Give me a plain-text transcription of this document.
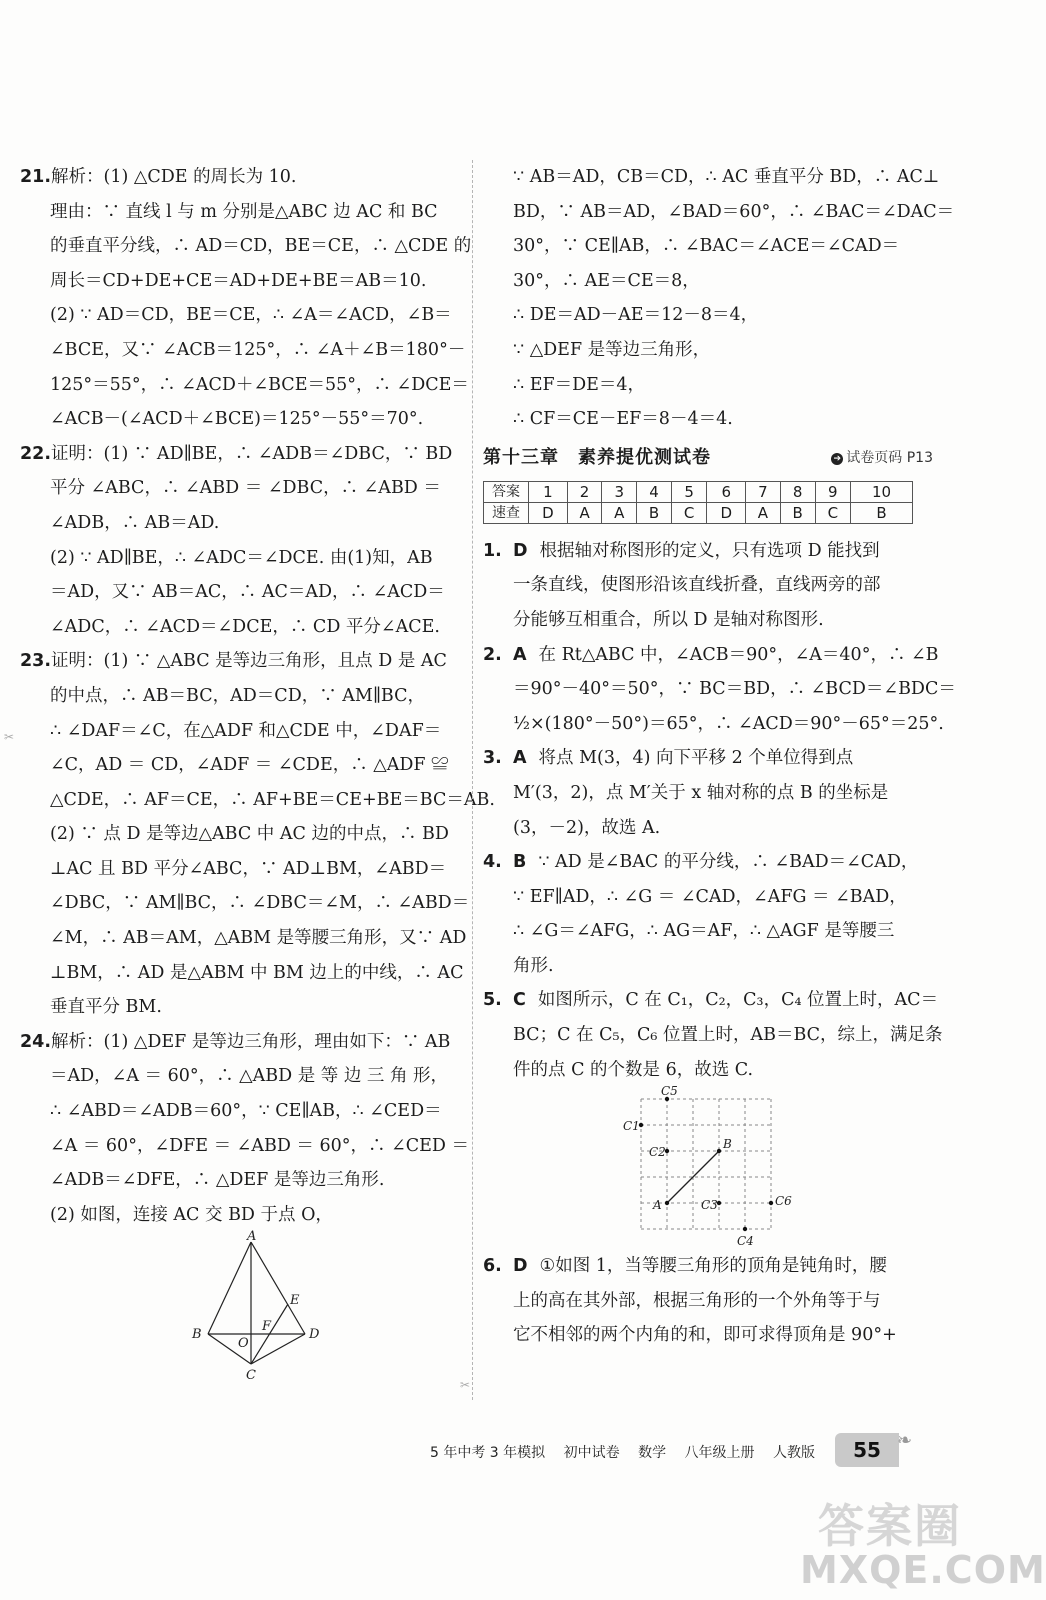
21.解析：(1) △CDE 的周长为 10.
理由：∵ 直线 l 与 m 分别是△ABC 边 AC 和 BC
的垂直平分线，∴ AD＝CD，BE＝CE，∴ △CDE 的
周长＝CD+DE+CE＝AD+DE+BE＝AB＝10.
(2) ∵ AD＝CD，BE＝CE，∴ ∠A＝∠ACD，∠B＝
∠BCE，又∵ ∠ACB＝125°，∴ ∠A＋∠B＝180°－
125°＝55°，∴ ∠ACD＋∠BCE＝55°，∴ ∠DCE＝
∠ACB－(∠ACD＋∠BCE)＝125°－55°＝70°.
22.证明：(1) ∵ AD∥BE，∴ ∠ADB＝∠DBC，∵ BD
平分 ∠ABC，∴ ∠ABD ＝ ∠DBC，∴ ∠ABD ＝
∠ADB，∴ AB＝AD.
(2) ∵ AD∥BE，∴ ∠ADC＝∠DCE. 由(1)知，AB
＝AD，又∵ AB＝AC，∴ AC＝AD，∴ ∠ACD＝
∠ADC，∴ ∠ACD＝∠DCE，∴ CD 平分∠ACE.
23.证明：(1) ∵ △ABC 是等边三角形，且点 D 是 AC
的中点，∴ AB＝BC，AD＝CD，∵ AM∥BC，
∴ ∠DAF＝∠C，在△ADF 和△CDE 中，∠DAF＝
∠C，AD ＝ CD，∠ADF ＝ ∠CDE，∴ △ADF ≌
△CDE，∴ AF＝CE，∴ AF+BE＝CE+BE＝BC＝AB.
(2) ∵ 点 D 是等边△ABC 中 AC 边的中点，∴ BD
⊥AC 且 BD 平分∠ABC，∵ AD⊥BM，∠ABD＝
∠DBC，∵ AM∥BC，∴ ∠DBC＝∠M，∴ ∠ABD＝
∠M，∴ AB＝AM，△ABM 是等腰三角形，又∵ AD
⊥BM，∴ AD 是△ABM 中 BM 边上的中线，∴ AC
垂直平分 BM.
24.解析：(1) △DEF 是等边三角形，理由如下：∵ AB
＝AD，∠A ＝ 60°，∴ △ABD 是 等 边 三 角 形，
∴ ∠ABD＝∠ADB＝60°，∵ CE∥AB，∴ ∠CED＝
∠A ＝ 60°，∠DFE ＝ ∠ABD ＝ 60°，∴ ∠CED ＝
∠ADB＝∠DFE，∴ △DEF 是等边三角形.
(2) 如图，连接 AC 交 BD 于点 O，
A
B
C
D
E
F
O
∵ AB＝AD，CB＝CD，∴ AC 垂直平分 BD，∴ AC⊥
BD，∵ AB＝AD，∠BAD＝60°，∴ ∠BAC＝∠DAC＝
30°，∵ CE∥AB，∴ ∠BAC＝∠ACE＝∠CAD＝
30°，∴ AE＝CE＝8，
∴ DE＝AD－AE＝12－8＝4，
∵ △DEF 是等边三角形，
∴ EF＝DE＝4，
∴ CF＝CE－EF＝8－4＝4.
第十三章　素养提优测试卷	➔ 试卷页码 P13
答案	1	2	3	4	5	6	7	8	9	10
速查	D	A	A	B	C	D	A	B	C	B
1. D 根据轴对称图形的定义，只有选项 D 能找到
一条直线，使图形沿该直线折叠，直线两旁的部
分能够互相重合，所以 D 是轴对称图形.
2. A 在 Rt△ABC 中，∠ACB＝90°，∠A＝40°，∴ ∠B
＝90°－40°＝50°，∵ BC＝BD，∴ ∠BCD＝∠BDC＝
½×(180°－50°)＝65°，∴ ∠ACD＝90°－65°＝25°.
3. A 将点 M(3，4) 向下平移 2 个单位得到点
M′(3，2)，点 M′关于 x 轴对称的点 B 的坐标是
(3，－2)，故选 A.
4. B ∵ AD 是∠BAC 的平分线，∴ ∠BAD＝∠CAD，
∵ EF∥AD，∴ ∠G ＝ ∠CAD，∠AFG ＝ ∠BAD，
∴ ∠G＝∠AFG，∴ AG＝AF，∴ △AGF 是等腰三
角形.
5. C 如图所示，C 在 C₁，C₂，C₃，C₄ 位置上时，AC＝
BC；C 在 C₅，C₆ 位置上时，AB＝BC，综上，满足条
件的点 C 的个数是 6，故选 C.
C5
C1
C2
B
A	C3	C6
C4
6. D ①如图 1，当等腰三角形的顶角是钝角时，腰
上的高在其外部，根据三角形的一个外角等于与
它不相邻的两个内角的和，即可求得顶角是 90°+
5 年中考 3 年模拟 初中试卷 数学 八年级上册 人教版	55 ❧
✂
✂
答案圈
MXQE.COM
